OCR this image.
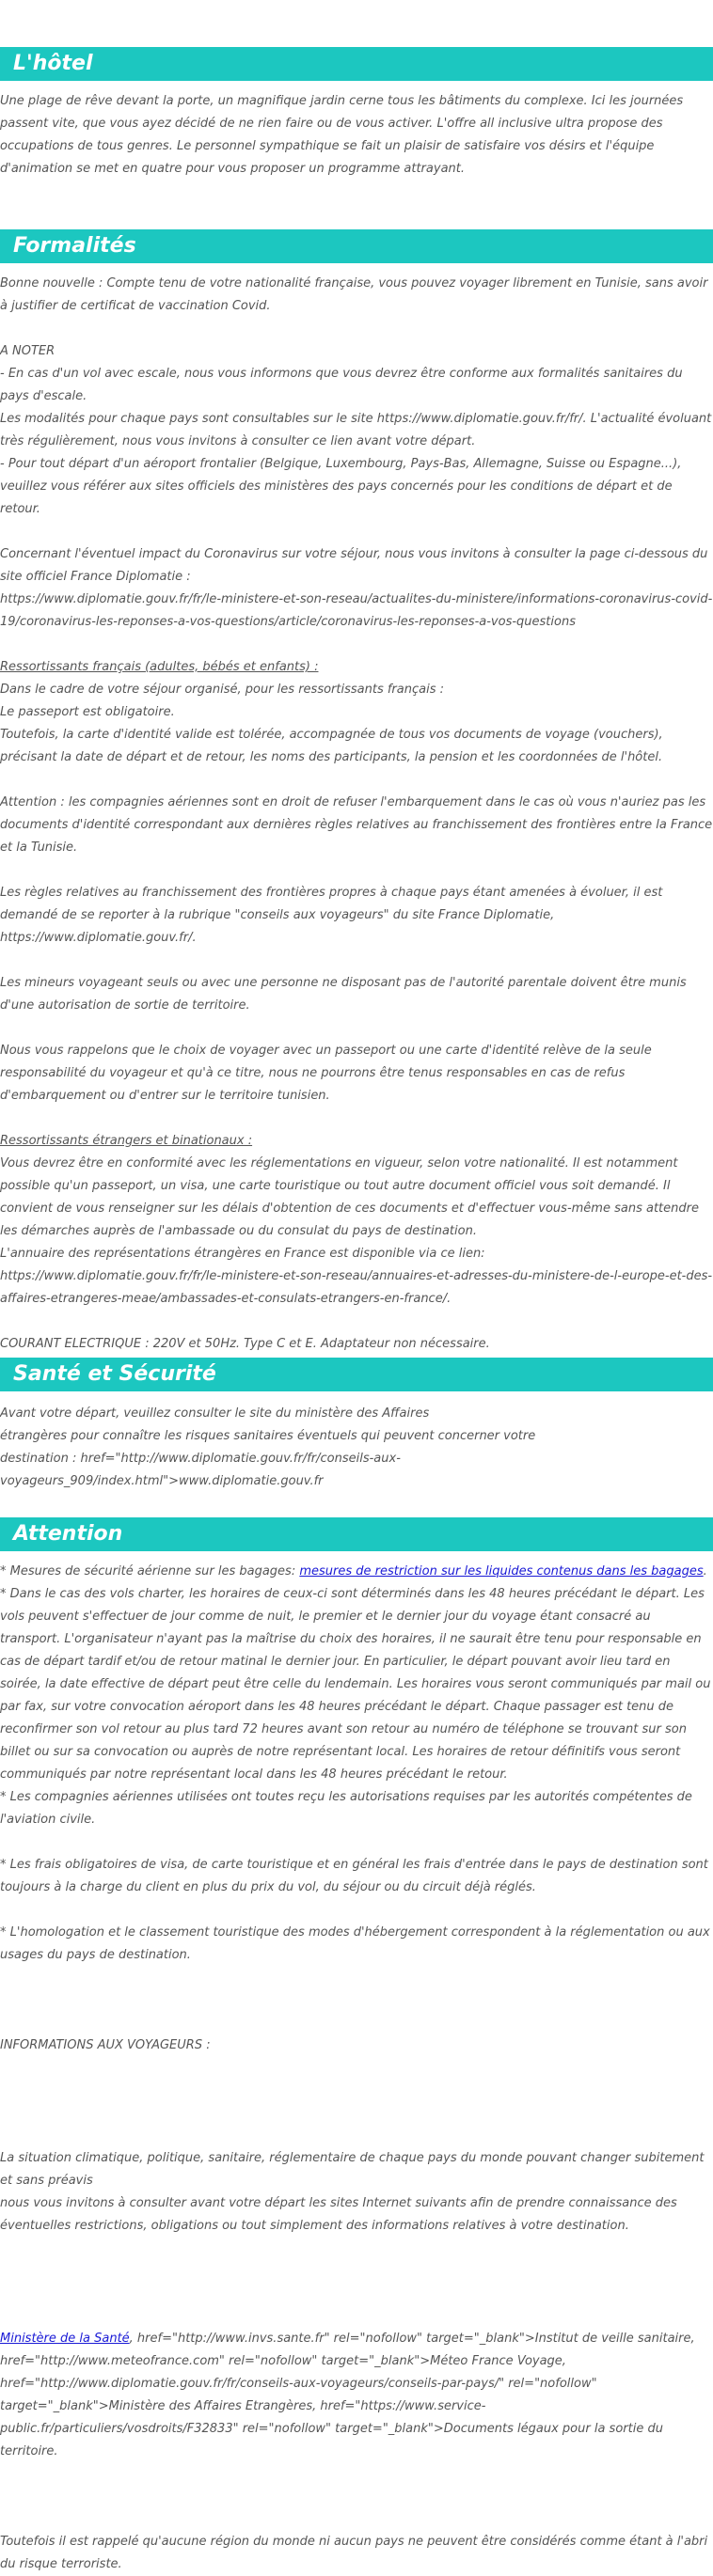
L'hôtel

Une plage de rêve devant la porte, un magnifique jardin cerne tous les bâtiments du complexe. Ici les journées passent vite, que vous ayez décidé de ne rien faire ou de vous activer. L'offre all inclusive ultra propose des occupations de tous genres. Le personnel sympathique se fait un plaisir de satisfaire vos désirs et l'équipe d'animation se met en quatre pour vous proposer un programme attrayant.

Formalités

Bonne nouvelle : Compte tenu de votre nationalité française, vous pouvez voyager librement en Tunisie, sans avoir à justifier de certificat de vaccination Covid.

A NOTER

- En cas d'un vol avec escale, nous vous informons que vous devrez être conforme aux formalités sanitaires du pays d'escale.

Les modalités pour chaque pays sont consultables sur le site https://www.diplomatie.gouv.fr/fr/. L'actualité évoluant très régulièrement, nous vous invitons à consulter ce lien avant votre départ.

- Pour tout départ d'un aéroport frontalier (Belgique, Luxembourg, Pays-Bas, Allemagne, Suisse ou Espagne...), veuillez vous référer aux sites officiels des ministères des pays concernés pour les conditions de départ et de retour.

Concernant l'éventuel impact du Coronavirus sur votre séjour, nous vous invitons à consulter la page ci-dessous du site officiel France Diplomatie :

https://www.diplomatie.gouv.fr/fr/le-ministere-et-son-reseau/actualites-du-ministere/informations-coronavirus-covid-19/coronavirus-les-reponses-a-vos-questions/article/coronavirus-les-reponses-a-vos-questions

Ressortissants français (adultes, bébés et enfants) :

Dans le cadre de votre séjour organisé, pour les ressortissants français :

Le passeport est obligatoire.

Toutefois, la carte d'identité valide est tolérée, accompagnée de tous vos documents de voyage (vouchers), précisant la date de départ et de retour, les noms des participants, la pension et les coordonnées de l'hôtel.

Attention : les compagnies aériennes sont en droit de refuser l'embarquement dans le cas où vous n'auriez pas les documents d'identité correspondant aux dernières règles relatives au franchissement des frontières entre la France et la Tunisie.

Les règles relatives au franchissement des frontières propres à chaque pays étant amenées à évoluer, il est demandé de se reporter à la rubrique "conseils aux voyageurs" du site France Diplomatie, https://www.diplomatie.gouv.fr/.

Les mineurs voyageant seuls ou avec une personne ne disposant pas de l'autorité parentale doivent être munis d'une autorisation de sortie de territoire.

Nous vous rappelons que le choix de voyager avec un passeport ou une carte d'identité relève de la seule responsabilité du voyageur et qu'à ce titre, nous ne pourrons être tenus responsables en cas de refus d'embarquement ou d'entrer sur le territoire tunisien.

Ressortissants étrangers et binationaux :

Vous devrez être en conformité avec les réglementations en vigueur, selon votre nationalité. Il est notamment possible qu'un passeport, un visa, une carte touristique ou tout autre document officiel vous soit demandé. Il convient de vous renseigner sur les délais d'obtention de ces documents et d'effectuer vous-même sans attendre les démarches auprès de l'ambassade ou du consulat du pays de destination.

L'annuaire des représentations étrangères en France est disponible via ce lien:

https://www.diplomatie.gouv.fr/fr/le-ministere-et-son-reseau/annuaires-et-adresses-du-ministere-de-l-europe-et-des-affaires-etrangeres-meae/ambassades-et-consulats-etrangers-en-france/.

COURANT ELECTRIQUE : 220V et 50Hz. Type C et E. Adaptateur non nécessaire.

Santé et Sécurité

Avant votre départ, veuillez consulter le site du ministère des Affaires

étrangères pour connaître les risques sanitaires éventuels qui peuvent concerner votre

destination : href="http://www.diplomatie.gouv.fr/fr/conseils-aux-voyageurs_909/index.html">www.diplomatie.gouv.fr

Attention

* Mesures de sécurité aérienne sur les bagages: mesures de restriction sur les liquides contenus dans les bagages.

* Dans le cas des vols charter, les horaires de ceux-ci sont déterminés dans les 48 heures précédant le départ. Les vols peuvent s'effectuer de jour comme de nuit, le premier et le dernier jour du voyage étant consacré au transport. L'organisateur n'ayant pas la maîtrise du choix des horaires, il ne saurait être tenu pour responsable en cas de départ tardif et/ou de retour matinal le dernier jour. En particulier, le départ pouvant avoir lieu tard en soirée, la date effective de départ peut être celle du lendemain. Les horaires vous seront communiqués par mail ou par fax, sur votre convocation aéroport dans les 48 heures précédant le départ. Chaque passager est tenu de reconfirmer son vol retour au plus tard 72 heures avant son retour au numéro de téléphone se trouvant sur son billet ou sur sa convocation ou auprès de notre représentant local. Les horaires de retour définitifs vous seront communiqués par notre représentant local dans les 48 heures précédant le retour.

* Les compagnies aériennes utilisées ont toutes reçu les autorisations requises par les autorités compétentes de l'aviation civile.

* Les frais obligatoires de visa, de carte touristique et en général les frais d'entrée dans le pays de destination sont toujours à la charge du client en plus du prix du vol, du séjour ou du circuit déjà réglés.

* L'homologation et le classement touristique des modes d'hébergement correspondent à la réglementation ou aux usages du pays de destination.

INFORMATIONS AUX VOYAGEURS :

La situation climatique, politique, sanitaire, réglementaire de chaque pays du monde pouvant changer subitement et sans préavis

nous vous invitons à consulter avant votre départ les sites Internet suivants afin de prendre connaissance des éventuelles restrictions, obligations ou tout simplement des informations relatives à votre destination.

Ministère de la Santé, href="http://www.invs.sante.fr" rel="nofollow" target="_blank">Institut de veille sanitaire, href="http://www.meteofrance.com" rel="nofollow" target="_blank">Méteo France Voyage, href="http://www.diplomatie.gouv.fr/fr/conseils-aux-voyageurs/conseils-par-pays/" rel="nofollow" target="_blank">Ministère des Affaires Etrangères, href="https://www.service-public.fr/particuliers/vosdroits/F32833" rel="nofollow" target="_blank">Documents légaux pour la sortie du territoire.

Toutefois il est rappelé qu'aucune région du monde ni aucun pays ne peuvent être considérés comme étant à l'abri du risque terroriste.
